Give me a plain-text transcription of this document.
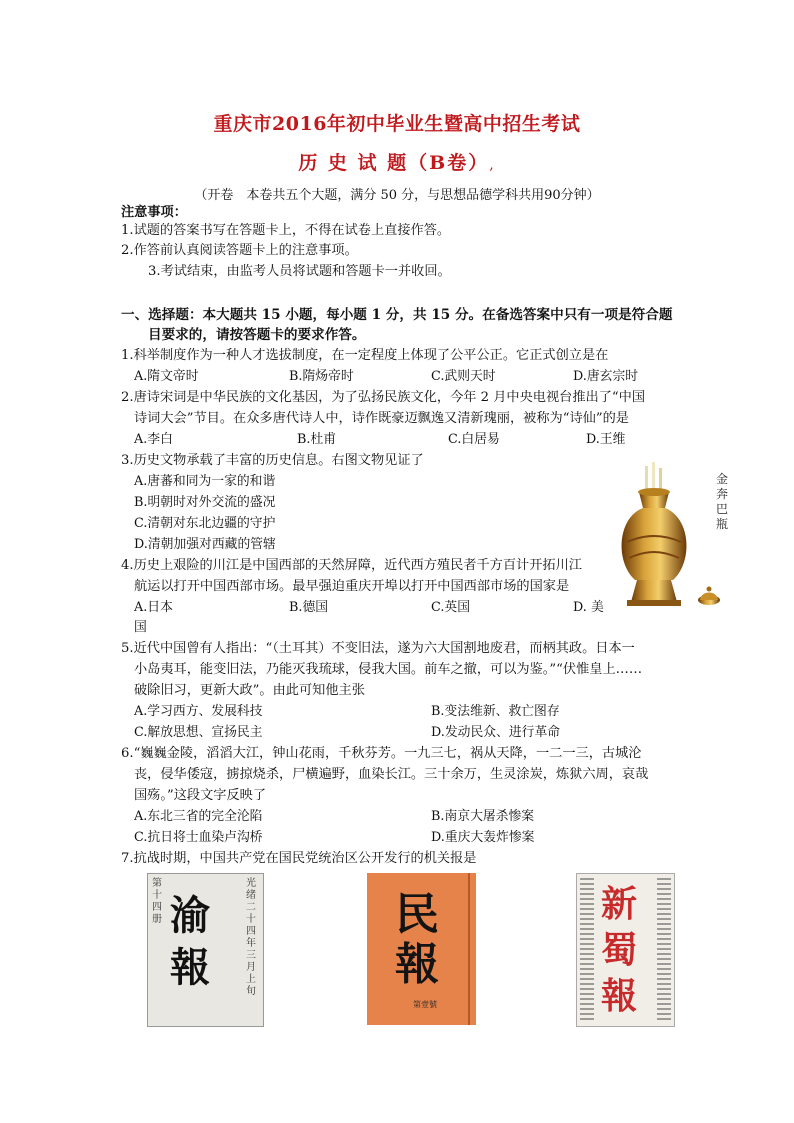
重庆市2016年初中毕业生暨高中招生考试
历 史 试 题（B卷）,
（开卷　本卷共五个大题，满分 50 分，与思想品德学科共用90分钟）
注意事项：
1.试题的答案书写在答题卡上，不得在试卷上直接作答。
2.作答前认真阅读答题卡上的注意事项。
3.考试结束，由监考人员将试题和答题卡一并收回。
一、选择题：本大题共 15 小题，每小题 1 分，共 15 分。在备选答案中只有一项是符合题
目要求的，请按答题卡的要求作答。
1.科举制度作为一种人才选拔制度，在一定程度上体现了公平公正。它正式创立是在
A.隋文帝时	B.隋炀帝时	C.武则天时	D.唐玄宗时
2.唐诗宋词是中华民族的文化基因，为了弘扬民族文化，今年 2 月中央电视台推出了“中国
诗词大会”节目。在众多唐代诗人中，诗作既豪迈飘逸又清新瑰丽，被称为“诗仙”的是
A.李白	B.杜甫	C.白居易	D.王维
3.历史文物承载了丰富的历史信息。右图文物见证了
A.唐蕃和同为一家的和谐
B.明朝时对外交流的盛况
C.清朝对东北边疆的守护
D.清朝加强对西藏的管辖
金奔巴瓶
4.历史上艰险的川江是中国西部的天然屏障，近代西方殖民者千方百计开拓川江
航运以打开中国西部市场。最早强迫重庆开埠以打开中国西部市场的国家是
A.日本	B.德国	C.英国	D. 美
国
5.近代中国曾有人指出：“（土耳其）不变旧法，遂为六大国割地废君，而柄其政。日本一
小岛夷耳，能变旧法，乃能灭我琉球，侵我大国。前车之撤，可以为鉴。”“伏惟皇上……
破除旧习，更新大政”。由此可知他主张
A.学习西方、发展科技	B.变法维新、救亡图存
C.解放思想、宣扬民主	D.发动民众、进行革命
6.“巍巍金陵，滔滔大江，钟山花雨，千秋芬芳。一九三七，祸从天降，一二一三，古城沦
丧，侵华倭寇，掳掠烧杀，尸横遍野，血染长江。三十余万，生灵涂炭，炼狱六周，哀哉
国殇。”这段文字反映了
A.东北三省的完全沦陷	B.南京大屠杀惨案
C.抗日将士血染卢沟桥	D.重庆大轰炸惨案
7.抗战时期，中国共产党在国民党统治区公开发行的机关报是
第十四册 渝
報
光绪二十四年三月上旬
民
報
第壹號
新
蜀
報
